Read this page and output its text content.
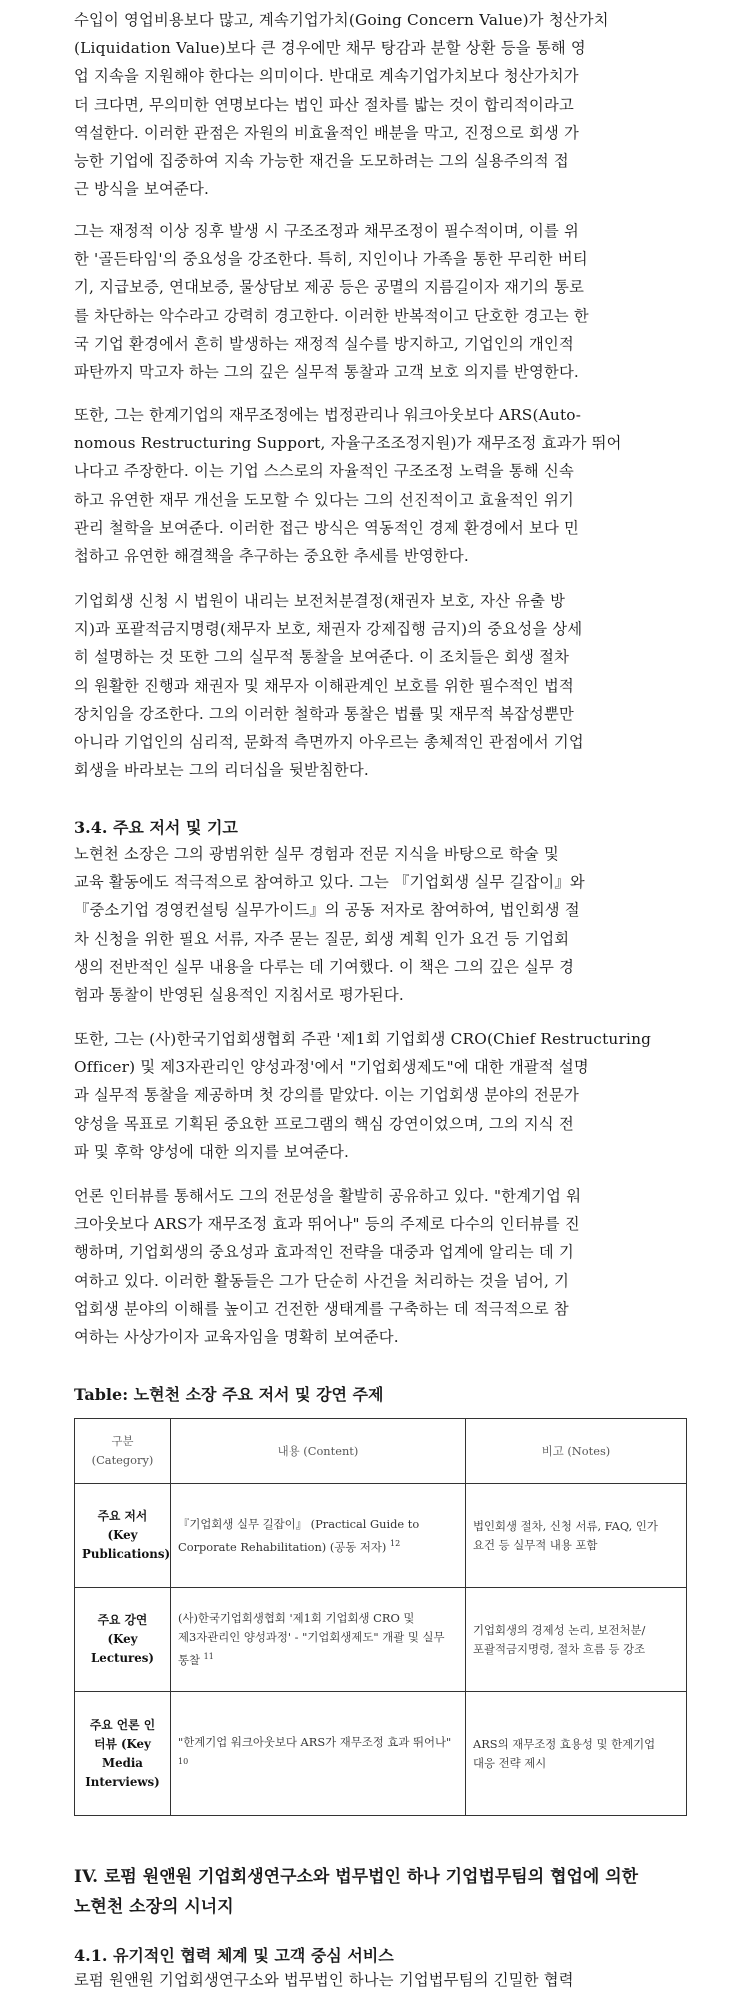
수입이 영업비용보다 많고, 계속기업가치(Going Concern Value)가 청산가치
(Liquidation Value)보다 큰 경우에만 채무 탕감과 분할 상환 등을 통해 영
업 지속을 지원해야 한다는 의미이다. 반대로 계속기업가치보다 청산가치가
더 크다면, 무의미한 연명보다는 법인 파산 절차를 밟는 것이 합리적이라고
역설한다. 이러한 관점은 자원의 비효율적인 배분을 막고, 진정으로 회생 가
능한 기업에 집중하여 지속 가능한 재건을 도모하려는 그의 실용주의적 접
근 방식을 보여준다.
그는 재정적 이상 징후 발생 시 구조조정과 채무조정이 필수적이며, 이를 위
한 '골든타임'의 중요성을 강조한다. 특히, 지인이나 가족을 통한 무리한 버티
기, 지급보증, 연대보증, 물상담보 제공 등은 공멸의 지름길이자 재기의 통로
를 차단하는 악수라고 강력히 경고한다. 이러한 반복적이고 단호한 경고는 한
국 기업 환경에서 흔히 발생하는 재정적 실수를 방지하고, 기업인의 개인적
파탄까지 막고자 하는 그의 깊은 실무적 통찰과 고객 보호 의지를 반영한다.
또한, 그는 한계기업의 재무조정에는 법정관리나 워크아웃보다 ARS(Auto-
nomous Restructuring Support, 자율구조조정지원)가 재무조정 효과가 뛰어
나다고 주장한다. 이는 기업 스스로의 자율적인 구조조정 노력을 통해 신속
하고 유연한 재무 개선을 도모할 수 있다는 그의 선진적이고 효율적인 위기
관리 철학을 보여준다. 이러한 접근 방식은 역동적인 경제 환경에서 보다 민
첩하고 유연한 해결책을 추구하는 중요한 추세를 반영한다.
기업회생 신청 시 법원이 내리는 보전처분결정(채권자 보호, 자산 유출 방
지)과 포괄적금지명령(채무자 보호, 채권자 강제집행 금지)의 중요성을 상세
히 설명하는 것 또한 그의 실무적 통찰을 보여준다. 이 조치들은 회생 절차
의 원활한 진행과 채권자 및 채무자 이해관계인 보호를 위한 필수적인 법적
장치임을 강조한다. 그의 이러한 철학과 통찰은 법률 및 재무적 복잡성뿐만
아니라 기업인의 심리적, 문화적 측면까지 아우르는 총체적인 관점에서 기업
회생을 바라보는 그의 리더십을 뒷받침한다.
3.4. 주요 저서 및 기고
노현천 소장은 그의 광범위한 실무 경험과 전문 지식을 바탕으로 학술 및
교육 활동에도 적극적으로 참여하고 있다. 그는 『기업회생 실무 길잡이』와
『중소기업 경영컨설팅 실무가이드』의 공동 저자로 참여하여, 법인회생 절
차 신청을 위한 필요 서류, 자주 묻는 질문, 회생 계획 인가 요건 등 기업회
생의 전반적인 실무 내용을 다루는 데 기여했다. 이 책은 그의 깊은 실무 경
험과 통찰이 반영된 실용적인 지침서로 평가된다.
또한, 그는 (사)한국기업회생협회 주관 '제1회 기업회생 CRO(Chief Restructuring
Officer) 및 제3자관리인 양성과정'에서 "기업회생제도"에 대한 개괄적 설명
과 실무적 통찰을 제공하며 첫 강의를 맡았다. 이는 기업회생 분야의 전문가
양성을 목표로 기획된 중요한 프로그램의 핵심 강연이었으며, 그의 지식 전
파 및 후학 양성에 대한 의지를 보여준다.
언론 인터뷰를 통해서도 그의 전문성을 활발히 공유하고 있다. "한계기업 워
크아웃보다 ARS가 재무조정 효과 뛰어나" 등의 주제로 다수의 인터뷰를 진
행하며, 기업회생의 중요성과 효과적인 전략을 대중과 업계에 알리는 데 기
여하고 있다. 이러한 활동들은 그가 단순히 사건을 처리하는 것을 넘어, 기
업회생 분야의 이해를 높이고 건전한 생태계를 구축하는 데 적극적으로 참
여하는 사상가이자 교육자임을 명확히 보여준다.

Table: 노현천 소장 주요 저서 및 강연 주제

구분
(Category)	내용 (Content)	비고 (Notes)
주요 저서
(Key
Publications)	『기업회생 실무 길잡이』 (Practical Guide to Corporate Rehabilitation) (공동 저자) $^{12}$	법인회생 절차, 신청 서류, FAQ, 인가 요건 등 실무적 내용 포함
주요 강연
(Key
Lectures)	(사)한국기업회생협회 '제1회 기업회생 CRO 및 제3자관리인 양성과정' - "기업회생제도" 개괄 및 실무 통찰 $^{11}$	기업회생의 경제성 논리, 보전처분/포괄적금지명령, 절차 흐름 등 강조
주요 언론 인
터뷰 (Key
Media
Interviews)	"한계기업 워크아웃보다 ARS가 재무조정 효과 뛰어나" $^{10}$	ARS의 재무조정 효용성 및 한계기업 대응 전략 제시
IV. 로펌 원앤원 기업회생연구소와 법무법인 하나 기업법무팀의 협업에 의한
노현천 소장의 시너지
4.1. 유기적인 협력 체계 및 고객 중심 서비스
로펌 원앤원 기업회생연구소와 법무법인 하나는 기업법무팀의 긴밀한 협력
